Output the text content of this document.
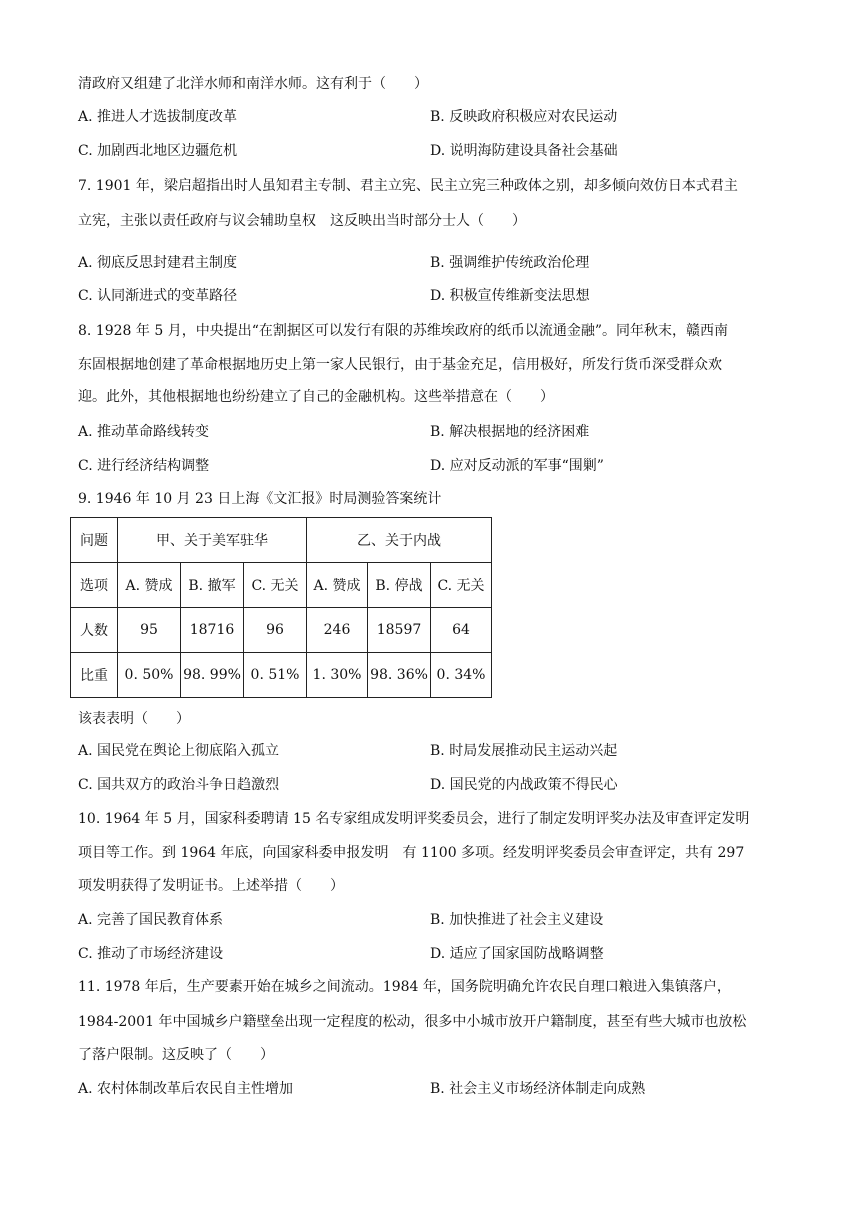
清政府又组建了北洋水师和南洋水师。这有利于（　　）
A. 推进人才选拔制度改革	B. 反映政府积极应对农民运动
C. 加剧西北地区边疆危机	D. 说明海防建设具备社会基础
7. 1901 年，梁启超指出时人虽知君主专制、君主立宪、民主立宪三种政体之别，却多倾向效仿日本式君主
立宪，主张以责任政府与议会辅助皇权　这反映出当时部分士人（　　）
A. 彻底反思封建君主制度	B. 强调维护传统政治伦理
C. 认同渐进式的变革路径	D. 积极宣传维新变法思想
8. 1928 年 5 月，中央提出“在割据区可以发行有限的苏维埃政府的纸币以流通金融”。同年秋末，赣西南
东固根据地创建了革命根据地历史上第一家人民银行，由于基金充足，信用极好，所发行货币深受群众欢
迎。此外，其他根据地也纷纷建立了自己的金融机构。这些举措意在（　　）
A. 推动革命路线转变	B. 解决根据地的经济困难
C. 进行经济结构调整	D. 应对反动派的军事“围剿”
9. 1946 年 10 月 23 日上海《文汇报》时局测验答案统计
问题	甲、关于美军驻华			乙、关于内战		
选项	A. 赞成	B. 撤军	C. 无关	A. 赞成	B. 停战	C. 无关
人数	95	18716	96	246	18597	64
比重	0. 50%	98. 99%	0. 51%	1. 30%	98. 36%	0. 34%
该表表明（　　）
A. 国民党在舆论上彻底陷入孤立	B. 时局发展推动民主运动兴起
C. 国共双方的政治斗争日趋激烈	D. 国民党的内战政策不得民心
10. 1964 年 5 月，国家科委聘请 15 名专家组成发明评奖委员会，进行了制定发明评奖办法及审查评定发明
项目等工作。到 1964 年底，向国家科委申报发明　有 1100 多项。经发明评奖委员会审查评定，共有 297
项发明获得了发明证书。上述举措（　　）
A. 完善了国民教育体系	B. 加快推进了社会主义建设
C. 推动了市场经济建设	D. 适应了国家国防战略调整
11. 1978 年后，生产要素开始在城乡之间流动。1984 年，国务院明确允许农民自理口粮进入集镇落户，
1984-2001 年中国城乡户籍壁垒出现一定程度的松动，很多中小城市放开户籍制度，甚至有些大城市也放松
了落户限制。这反映了（　　）
A. 农村体制改革后农民自主性增加	B. 社会主义市场经济体制走向成熟
